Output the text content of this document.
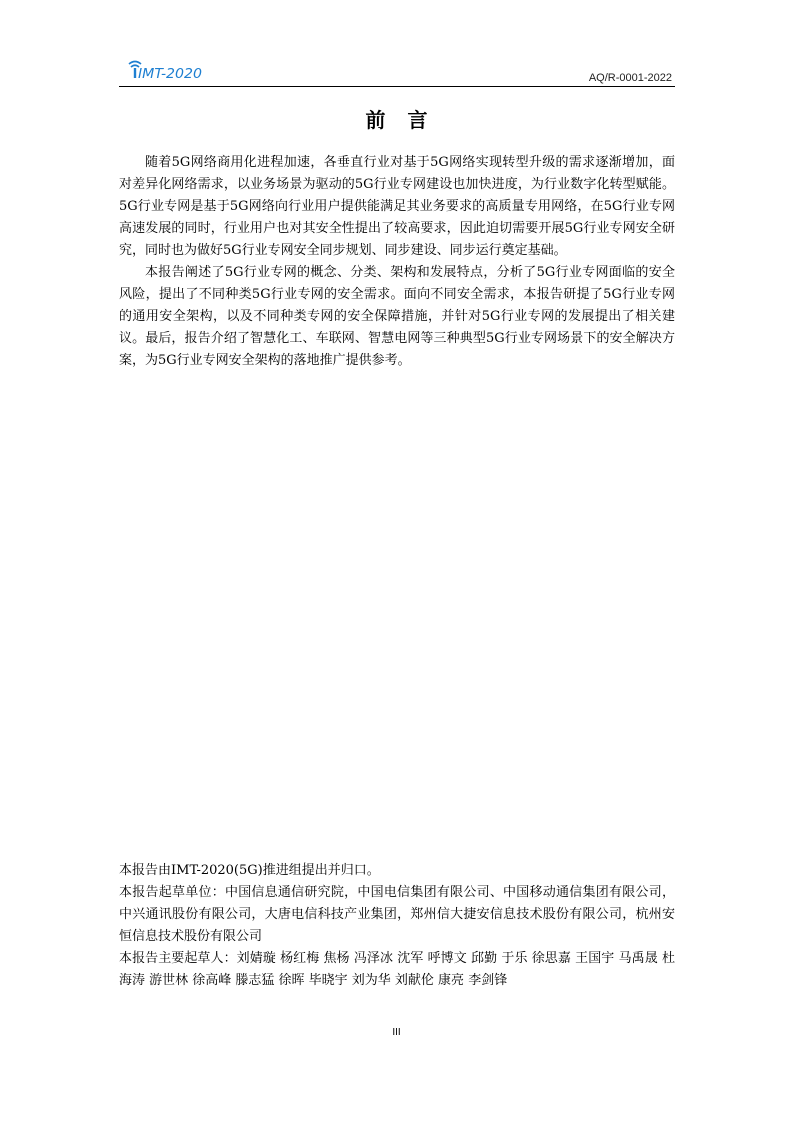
IMT-2020	AQ/R-0001-2022
前言

随着5G网络商用化进程加速，各垂直行业对基于5G网络实现转型升级的需求逐渐增加，面对差异化网络需求，以业务场景为驱动的5G行业专网建设也加快进度，为行业数字化转型赋能。5G行业专网是基于5G网络向行业用户提供能满足其业务要求的高质量专用网络，在5G行业专网高速发展的同时，行业用户也对其安全性提出了较高要求，因此迫切需要开展5G行业专网安全研究，同时也为做好5G行业专网安全同步规划、同步建设、同步运行奠定基础。

本报告阐述了5G行业专网的概念、分类、架构和发展特点，分析了5G行业专网面临的安全风险，提出了不同种类5G行业专网的安全需求。面向不同安全需求，本报告研提了5G行业专网的通用安全架构，以及不同种类专网的安全保障措施，并针对5G行业专网的发展提出了相关建议。最后，报告介绍了智慧化工、车联网、智慧电网等三种典型5G行业专网场景下的安全解决方案，为5G行业专网安全架构的落地推广提供参考。

本报告由IMT-2020(5G)推进组提出并归口。

本报告起草单位：中国信息通信研究院，中国电信集团有限公司、中国移动通信集团有限公司，中兴通讯股份有限公司，大唐电信科技产业集团，郑州信大捷安信息技术股份有限公司，杭州安恒信息技术股份有限公司

本报告主要起草人：刘婧璇 杨红梅 焦杨 冯泽冰 沈军 呼博文 邱勤 于乐 徐思嘉 王国宇 马禹晟 杜海涛 游世林 徐高峰 滕志猛 徐晖 毕晓宇 刘为华 刘献伦 康亮 李剑锋

III
